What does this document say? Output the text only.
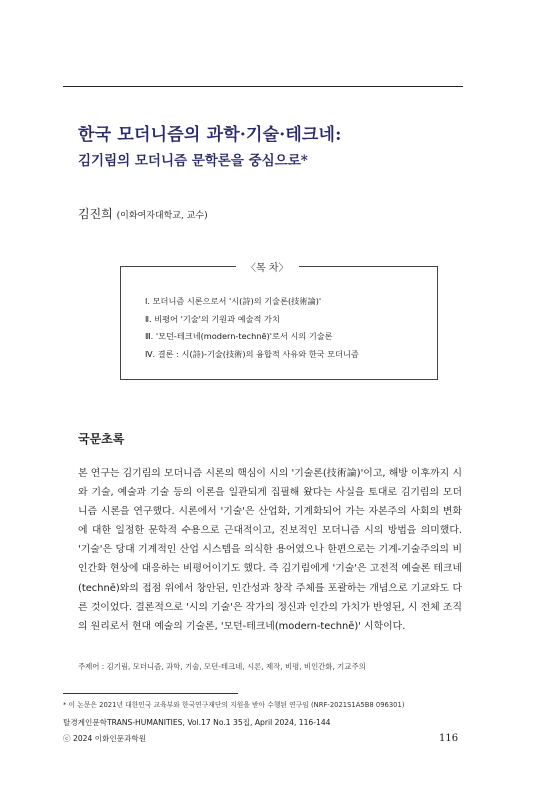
한국 모더니즘의 과학·기술·테크네:
김기림의 모더니즘 문학론을 중심으로*
김진희 (이화여자대학교, 교수)
〈목 차〉
Ⅰ. 모더니즘 시론으로서 '시(詩)의 기술론(技術論)'
Ⅱ. 비평어 '기술'의 기원과 예술적 가치
Ⅲ. '모던-테크네(modern-technē)'로서 시의 기술론
Ⅳ. 결론 : 시(詩)-기술(技術)의 융합적 사유와 한국 모더니즘
국문초록

본 연구는 김기림의 모더니즘 시론의 핵심이 시의 '기술론(技術論)'이고, 해방 이후까지 시와 기술, 예술과 기술 등의 이론을 일관되게 집필해 왔다는 사실을 토대로 김기림의 모더니즘 시론을 연구했다. 시론에서 '기술'은 산업화, 기계화되어 가는 자본주의 사회의 변화에 대한 일정한 문학적 수용으로 근대적이고, 진보적인 모더니즘 시의 방법을 의미했다. '기술'은 당대 기계적인 산업 시스템을 의식한 용어였으나 한편으로는 기계-기술주의의 비인간화 현상에 대응하는 비평어이기도 했다. 즉 김기림에게 '기술'은 고전적 예술론 테크네(technē)와의 접점 위에서 창안된, 인간성과 창작 주체를 포괄하는 개념으로 기교와도 다른 것이었다. 결론적으로 '시의 기술'은 작가의 정신과 인간의 가치가 반영된, 시 전체 조직의 원리로서 현대 예술의 기술론, '모던-테크네(modern-technē)' 시학이다.

주제어 : 김기림, 모더니즘, 과학, 기술, 모던-테크네, 시론, 제작, 비평, 비인간화, 기교주의
* 이 논문은 2021년 대한민국 교육부와 한국연구재단의 지원을 받아 수행된 연구임 (NRF-2021S1A5B8 096301)
탈경계인문학TRANS-HUMANITIES, Vol.17 No.1 35집, April 2024, 116-144
ⓒ 2024 이화인문과학원	116
